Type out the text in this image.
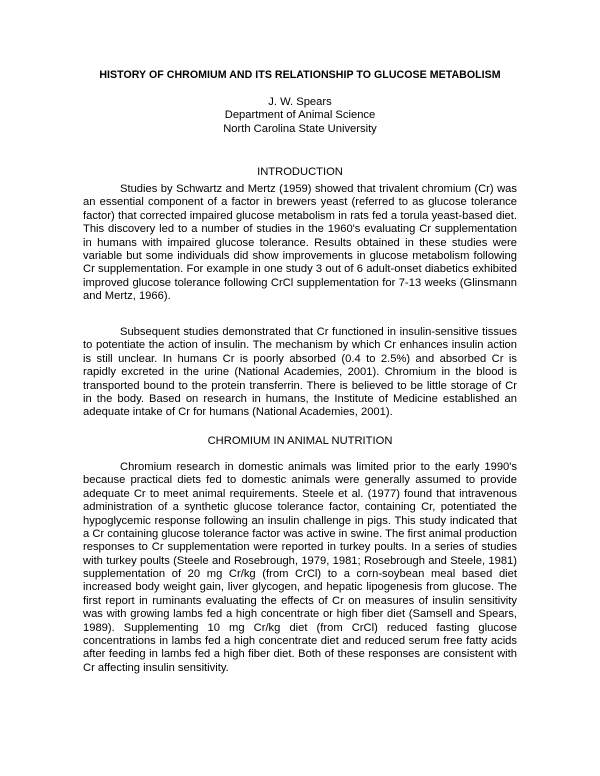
HISTORY OF CHROMIUM AND ITS RELATIONSHIP TO GLUCOSE METABOLISM
J. W. Spears
Department of Animal Science
North Carolina State University
INTRODUCTION

Studies by Schwartz and Mertz (1959) showed that trivalent chromium (Cr) was an essential component of a factor in brewers yeast (referred to as glucose tolerance factor) that corrected impaired glucose metabolism in rats fed a torula yeast-based diet. This discovery led to a number of studies in the 1960's evaluating Cr supplementation in humans with impaired glucose tolerance. Results obtained in these studies were variable but some individuals did show improvements in glucose metabolism following Cr supplementation. For example in one study 3 out of 6 adult-onset diabetics exhibited improved glucose tolerance following CrCl supplementation for 7-13 weeks (Glinsmann and Mertz, 1966).

Subsequent studies demonstrated that Cr functioned in insulin-sensitive tissues to potentiate the action of insulin. The mechanism by which Cr enhances insulin action is still unclear. In humans Cr is poorly absorbed (0.4 to 2.5%) and absorbed Cr is rapidly excreted in the urine (National Academies, 2001). Chromium in the blood is transported bound to the protein transferrin. There is believed to be little storage of Cr in the body. Based on research in humans, the Institute of Medicine established an adequate intake of Cr for humans (National Academies, 2001).

CHROMIUM IN ANIMAL NUTRITION

Chromium research in domestic animals was limited prior to the early 1990's because practical diets fed to domestic animals were generally assumed to provide adequate Cr to meet animal requirements. Steele et al. (1977) found that intravenous administration of a synthetic glucose tolerance factor, containing Cr, potentiated the hypoglycemic response following an insulin challenge in pigs. This study indicated that a Cr containing glucose tolerance factor was active in swine. The first animal production responses to Cr supplementation were reported in turkey poults. In a series of studies with turkey poults (Steele and Rosebrough, 1979, 1981; Rosebrough and Steele, 1981) supplementation of 20 mg Cr/kg (from CrCl) to a corn-soybean meal based diet increased body weight gain, liver glycogen, and hepatic lipogenesis from glucose. The first report in ruminants evaluating the effects of Cr on measures of insulin sensitivity was with growing lambs fed a high concentrate or high fiber diet (Samsell and Spears, 1989). Supplementing 10 mg Cr/kg diet (from CrCl) reduced fasting glucose concentrations in lambs fed a high concentrate diet and reduced serum free fatty acids after feeding in lambs fed a high fiber diet. Both of these responses are consistent with Cr affecting insulin sensitivity.
